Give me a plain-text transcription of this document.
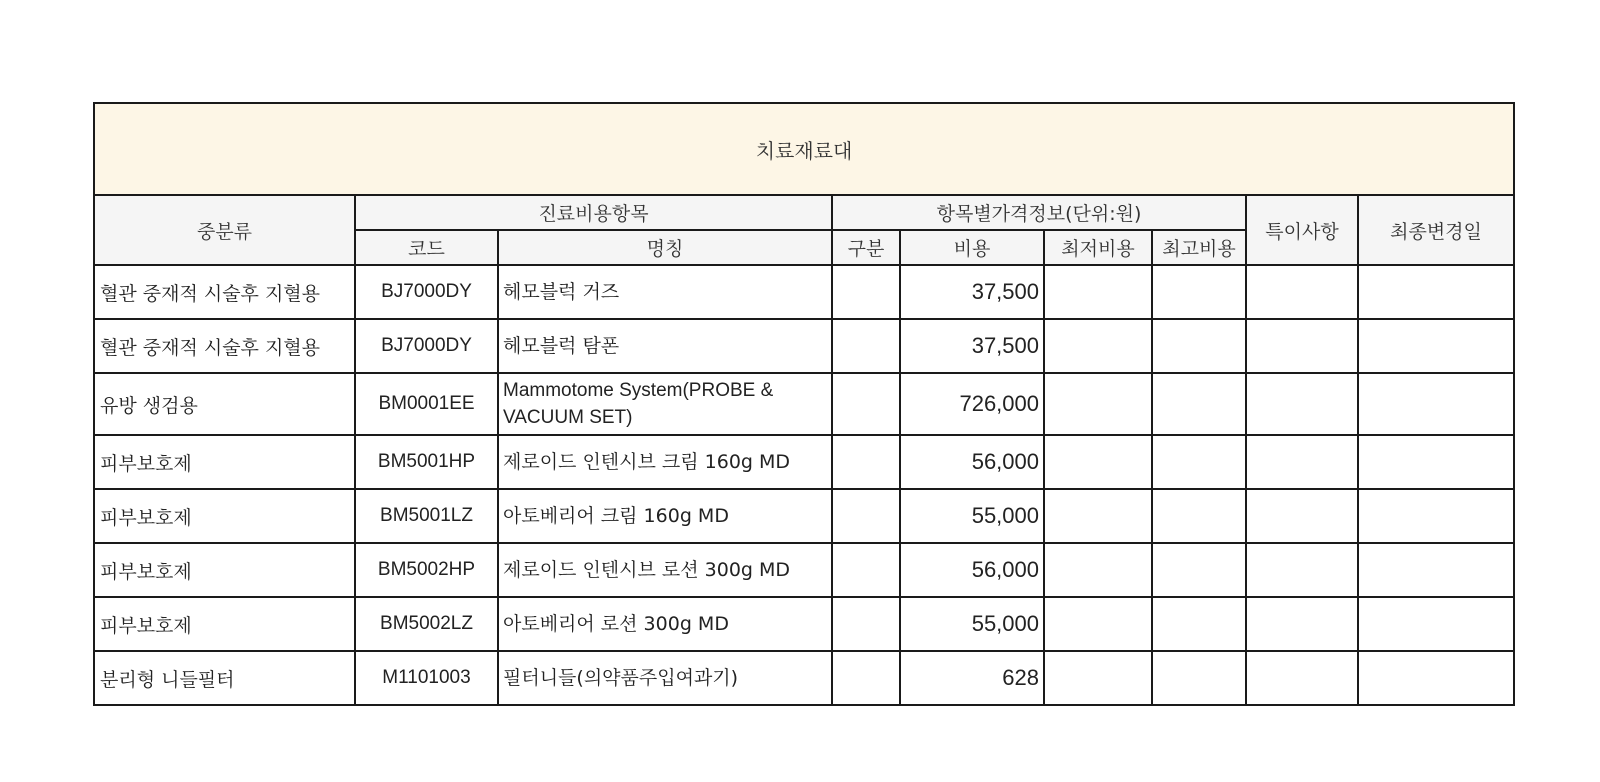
치료재료대								
중분류	진료비용항목		항목별가격정보(단위:원)				특이사항	최종변경일
	코드	명칭	구분	비용	최저비용	최고비용		
혈관 중재적 시술후 지혈용	BJ7000DY	헤모블럭 거즈		37,500				
혈관 중재적 시술후 지혈용	BJ7000DY	헤모블럭 탐폰		37,500				
유방 생검용	BM0001EE	Mammotome System(PROBE & VACUUM SET)		726,000				
피부보호제	BM5001HP	제로이드 인텐시브 크림 160g MD		56,000				
피부보호제	BM5001LZ	아토베리어 크림 160g MD		55,000				
피부보호제	BM5002HP	제로이드 인텐시브 로션 300g MD		56,000				
피부보호제	BM5002LZ	아토베리어 로션 300g MD		55,000				
분리형 니들필터	M1101003	필터니들(의약품주입여과기)		628				
